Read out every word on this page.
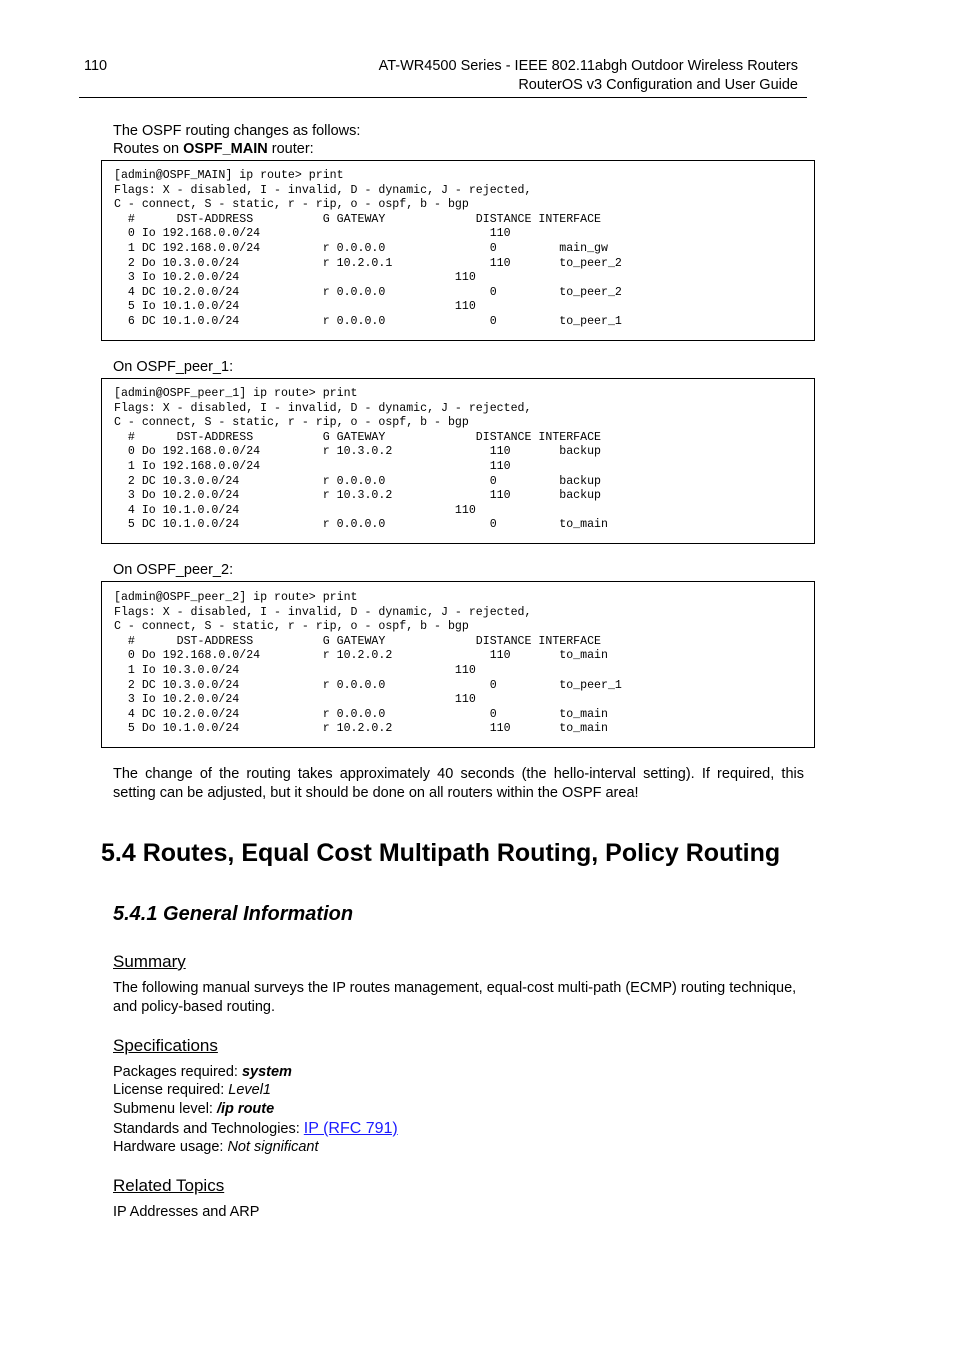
110	AT-WR4500 Series - IEEE 802.11abgh Outdoor Wireless Routers
RouterOS v3 Configuration and User Guide
The OSPF routing changes as follows:
Routes on OSPF_MAIN router:
[admin@OSPF_MAIN] ip route> print
Flags: X - disabled, I - invalid, D - dynamic, J - rejected,
C - connect, S - static, r - rip, o - ospf, b - bgp
#      DST-ADDRESS          G GATEWAY             DISTANCE INTERFACE
0 Io 192.168.0.0/24                                 110
1 DC 192.168.0.0/24         r 0.0.0.0               0         main_gw
2 Do 10.3.0.0/24            r 10.2.0.1              110       to_peer_2
3 Io 10.2.0.0/24                               110
4 DC 10.2.0.0/24            r 0.0.0.0               0         to_peer_2
5 Io 10.1.0.0/24                               110
6 DC 10.1.0.0/24            r 0.0.0.0               0         to_peer_1
On OSPF_peer_1:
[admin@OSPF_peer_1] ip route> print
Flags: X - disabled, I - invalid, D - dynamic, J - rejected,
C - connect, S - static, r - rip, o - ospf, b - bgp
#      DST-ADDRESS          G GATEWAY             DISTANCE INTERFACE
0 Do 192.168.0.0/24         r 10.3.0.2              110       backup
1 Io 192.168.0.0/24                                 110
2 DC 10.3.0.0/24            r 0.0.0.0               0         backup
3 Do 10.2.0.0/24            r 10.3.0.2              110       backup
4 Io 10.1.0.0/24                               110
5 DC 10.1.0.0/24            r 0.0.0.0               0         to_main
On OSPF_peer_2:
[admin@OSPF_peer_2] ip route> print
Flags: X - disabled, I - invalid, D - dynamic, J - rejected,
C - connect, S - static, r - rip, o - ospf, b - bgp
#      DST-ADDRESS          G GATEWAY             DISTANCE INTERFACE
0 Do 192.168.0.0/24         r 10.2.0.2              110       to_main
1 Io 10.3.0.0/24                               110
2 DC 10.3.0.0/24            r 0.0.0.0               0         to_peer_1
3 Io 10.2.0.0/24                               110
4 DC 10.2.0.0/24            r 0.0.0.0               0         to_main
5 Do 10.1.0.0/24            r 10.2.0.2              110       to_main
The change of the routing takes approximately 40 seconds (the hello-interval setting). If required, this setting can be adjusted, but it should be done on all routers within the OSPF area!
5.4 Routes, Equal Cost Multipath Routing, Policy Routing
5.4.1 General Information
Summary
The following manual surveys the IP routes management, equal-cost multi-path (ECMP) routing technique, and policy-based routing.
Specifications
Packages required: system
License required: Level1
Submenu level: /ip route
Standards and Technologies: IP (RFC 791)
Hardware usage: Not significant
Related Topics
IP Addresses and ARP
